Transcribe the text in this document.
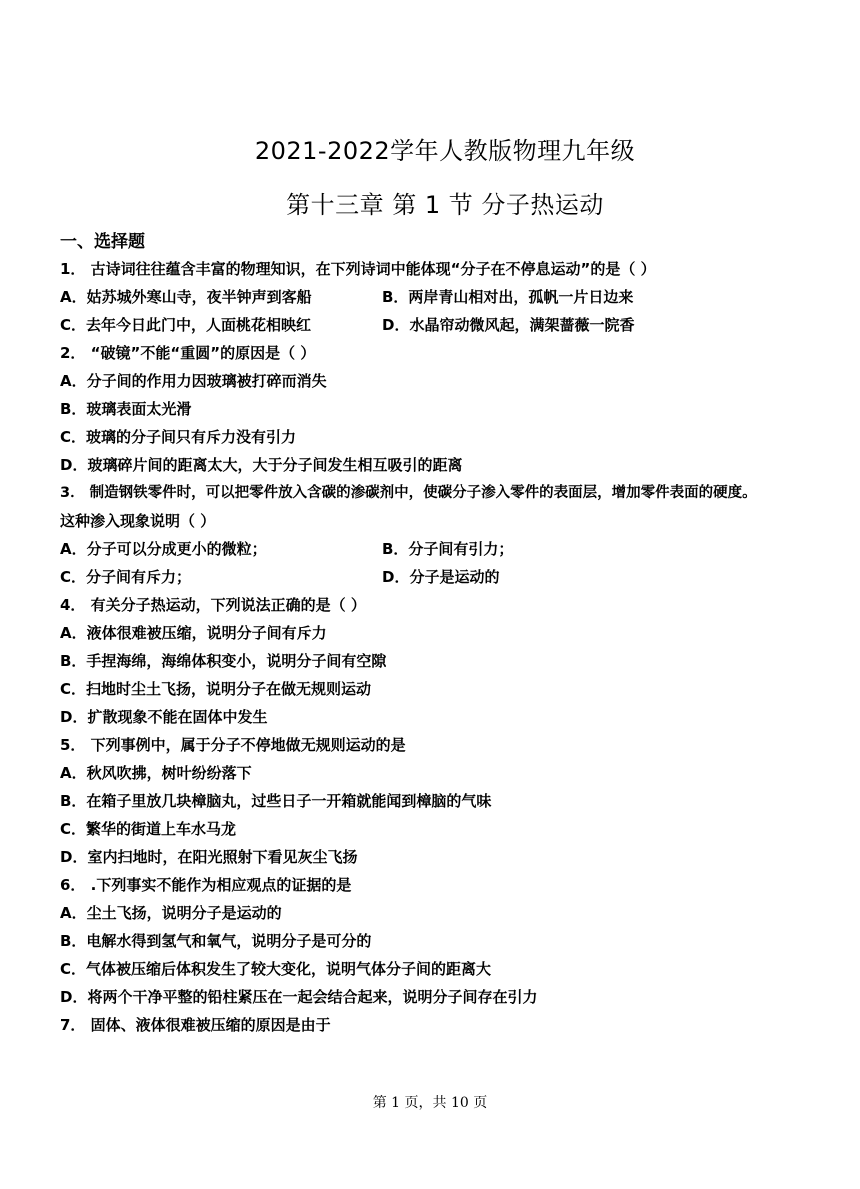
2021-2022学年人教版物理九年级
第十三章 第 1 节 分子热运动
一、选择题
1． 古诗词往往蕴含丰富的物理知识，在下列诗词中能体现“分子在不停息运动”的是（ ）
A．姑苏城外寒山寺，夜半钟声到客船	B．两岸青山相对出，孤帆一片日边来
C．去年今日此门中，人面桃花相映红	D．水晶帘动微风起，满架蔷薇一院香
2． “破镜”不能“重圆”的原因是（ ）
A．分子间的作用力因玻璃被打碎而消失
B．玻璃表面太光滑
C．玻璃的分子间只有斥力没有引力
D．玻璃碎片间的距离太大，大于分子间发生相互吸引的距离
3． 制造钢铁零件时，可以把零件放入含碳的渗碳剂中，使碳分子渗入零件的表面层，增加零件表面的硬度。
这种渗入现象说明（ ）
A．分子可以分成更小的微粒；	B．分子间有引力；
C．分子间有斥力；	D．分子是运动的
4． 有关分子热运动，下列说法正确的是（ ）
A．液体很难被压缩，说明分子间有斥力
B．手捏海绵，海绵体积变小，说明分子间有空隙
C．扫地时尘土飞扬，说明分子在做无规则运动
D．扩散现象不能在固体中发生
5． 下列事例中，属于分子不停地做无规则运动的是
A．秋风吹拂，树叶纷纷落下
B．在箱子里放几块樟脑丸，过些日子一开箱就能闻到樟脑的气味
C．繁华的街道上车水马龙
D．室内扫地时，在阳光照射下看见灰尘飞扬
6． .下列事实不能作为相应观点的证据的是
A．尘土飞扬，说明分子是运动的
B．电解水得到氢气和氧气，说明分子是可分的
C．气体被压缩后体积发生了较大变化，说明气体分子间的距离大
D．将两个干净平整的铅柱紧压在一起会结合起来，说明分子间存在引力
7． 固体、液体很难被压缩的原因是由于
第 1 页，共 10 页
